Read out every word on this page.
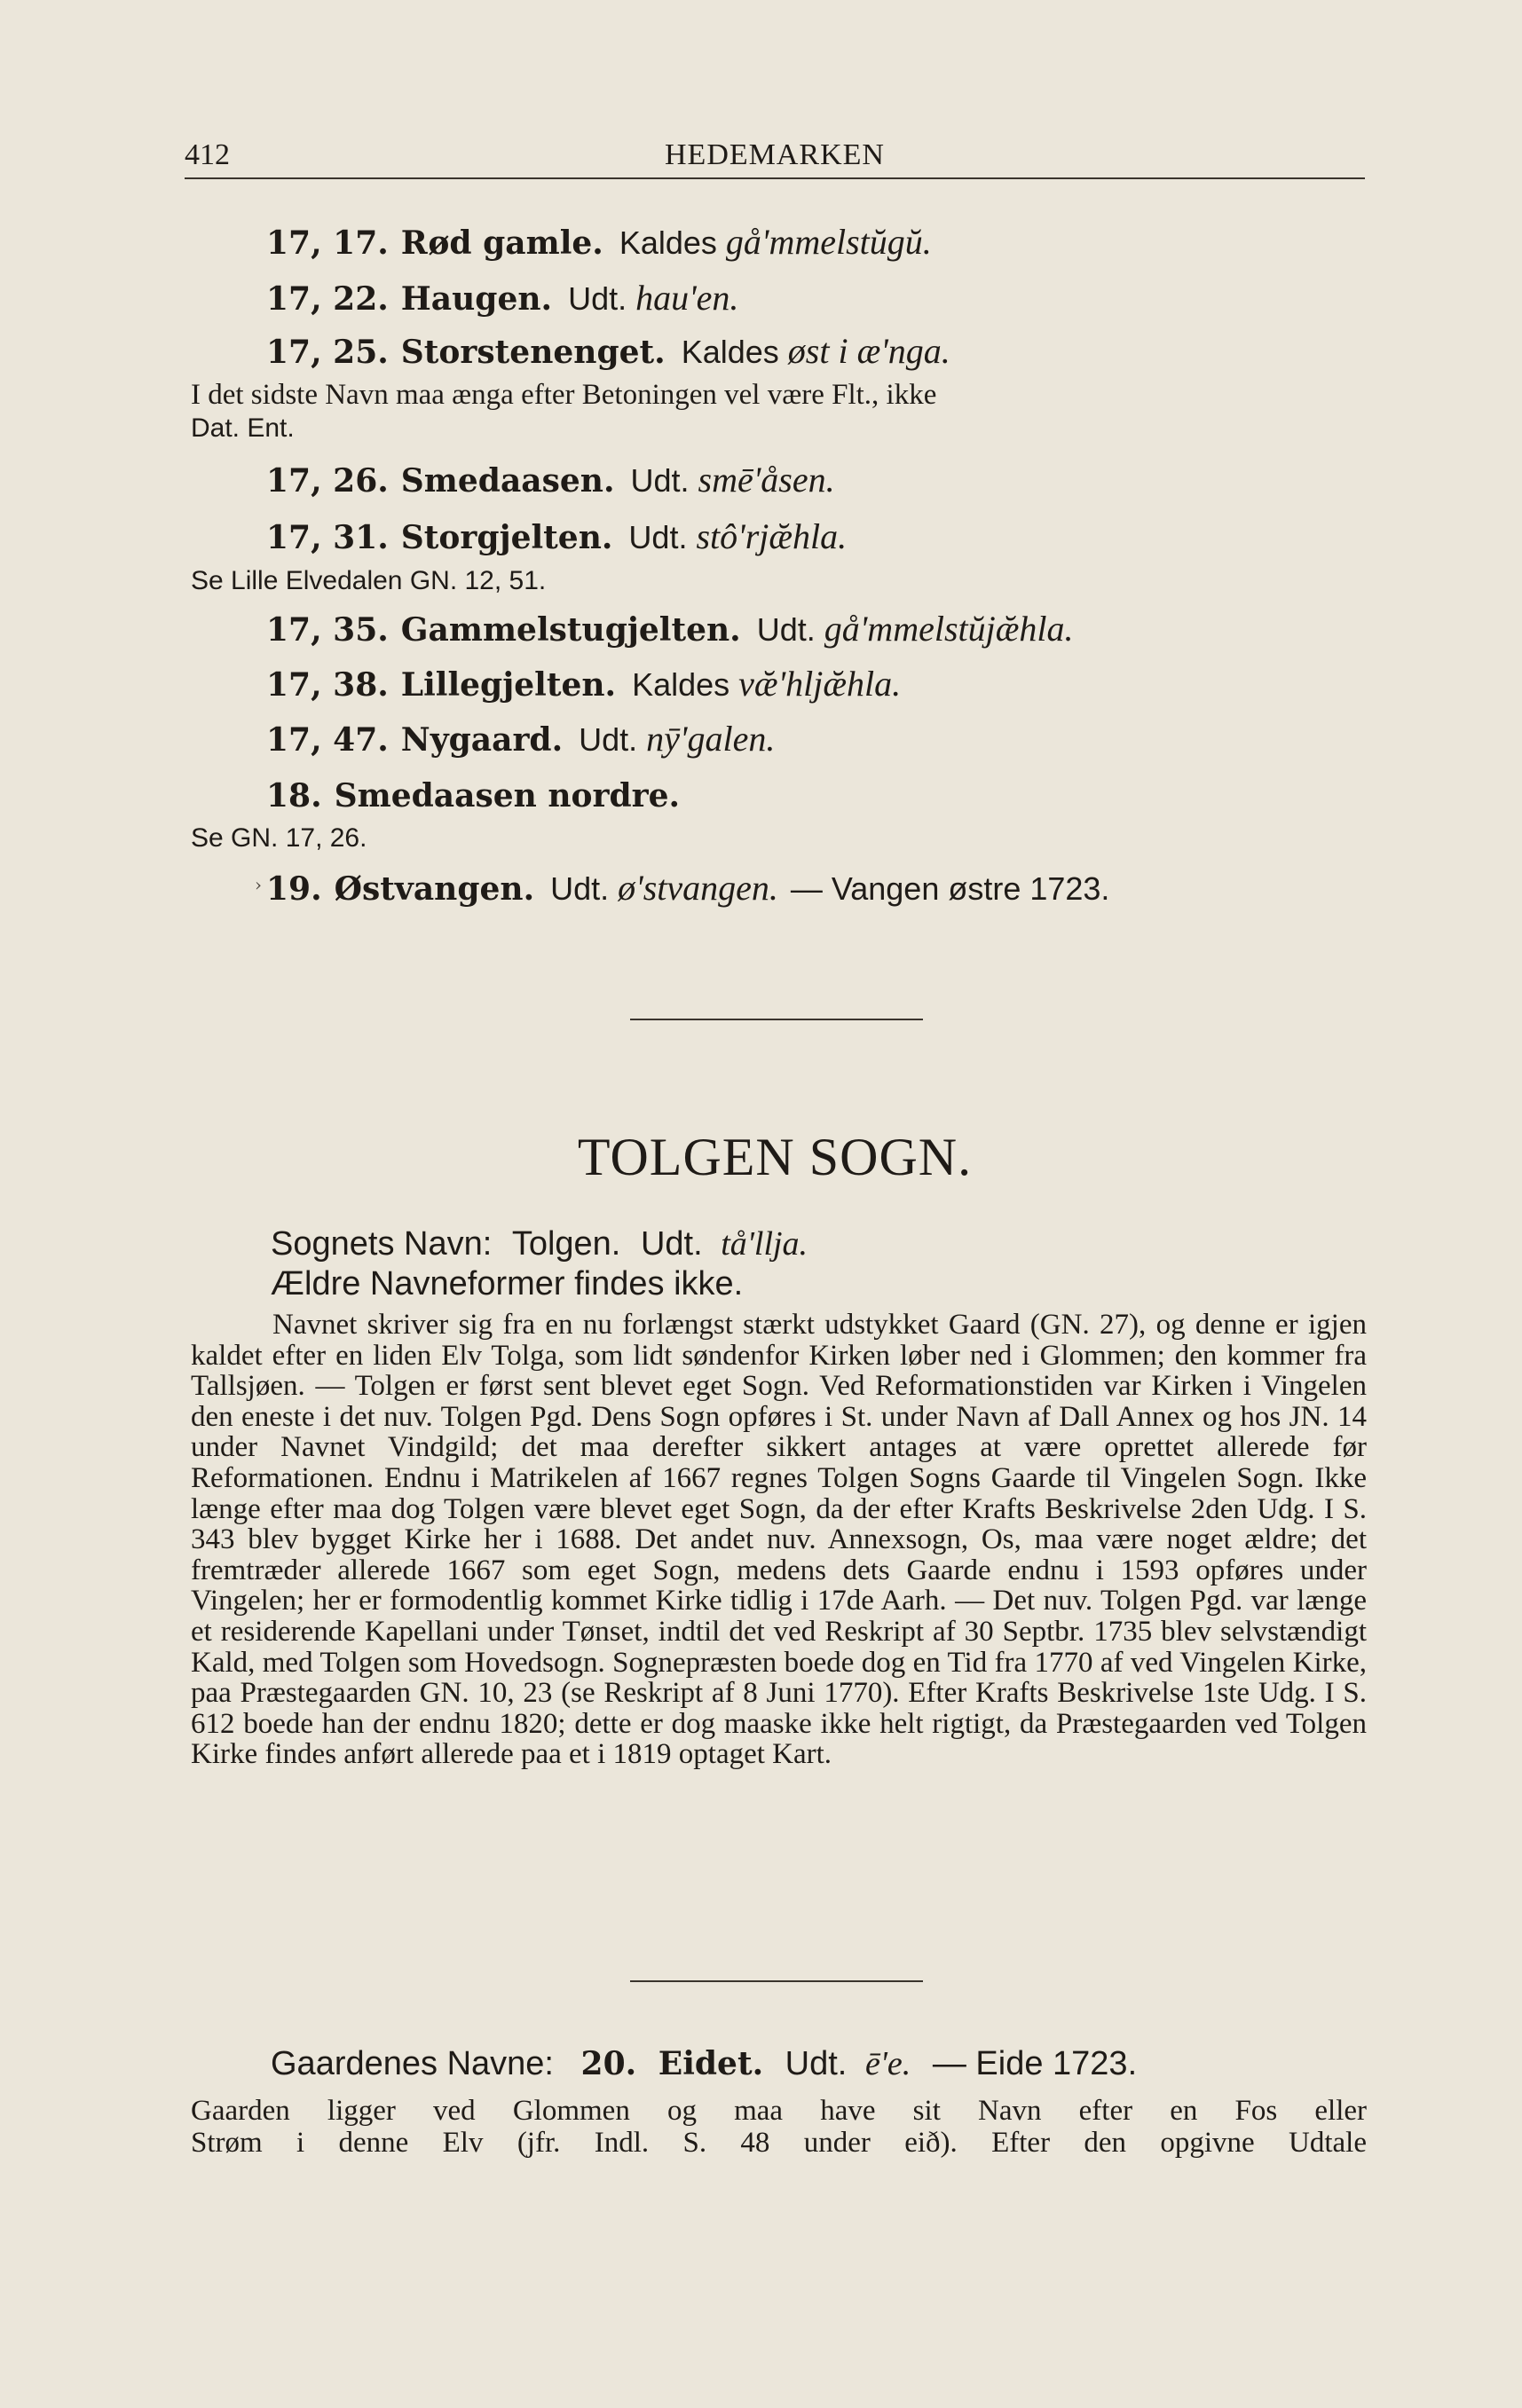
412	HEDEMARKEN
17, 17. Rød gamle. Kaldes gå'mmelstŭgŭ.
17, 22. Haugen. Udt. hau'en.
17, 25. Storstenenget. Kaldes øst i æ'nga.
I det sidste Navn maa ænga efter Betoningen vel være Flt., ikke
Dat. Ent.
17, 26. Smedaasen. Udt. smē'åsen.
17, 31. Storgjelten. Udt. stô'rjæ̆hla.
Se Lille Elvedalen GN. 12, 51.
17, 35. Gammelstugjelten. Udt. gå'mmelstŭjæ̆hla.
17, 38. Lillegjelten. Kaldes væ̆'hljæ̆hla.
17, 47. Nygaard. Udt. nȳ'galen.
18. Smedaasen nordre.
Se GN. 17, 26.
› 19. Østvangen. Udt. ø'stvangen. — Vangen østre 1723.
TOLGEN SOGN.
Sognets Navn: Tolgen. Udt. tå'llja.
Ældre Navneformer findes ikke.
Navnet skriver sig fra en nu forlængst stærkt udstykket Gaard (GN. 27), og denne er igjen kaldet efter en liden Elv Tolga, som lidt søndenfor Kirken løber ned i Glommen; den kommer fra Tallsjøen. — Tolgen er først sent blevet eget Sogn. Ved Reformationstiden var Kirken i Vingelen den eneste i det nuv. Tolgen Pgd. Dens Sogn opføres i St. under Navn af Dall Annex og hos JN. 14 under Navnet Vindgild; det maa derefter sikkert antages at være oprettet allerede før Reformationen. Endnu i Matrikelen af 1667 regnes Tolgen Sogns Gaarde til Vingelen Sogn. Ikke længe efter maa dog Tolgen være blevet eget Sogn, da der efter Krafts Beskrivelse 2den Udg. I S. 343 blev bygget Kirke her i 1688. Det andet nuv. Annexsogn, Os, maa være noget ældre; det fremtræder allerede 1667 som eget Sogn, medens dets Gaarde endnu i 1593 opføres under Vingelen; her er formodentlig kommet Kirke tidlig i 17de Aarh. — Det nuv. Tolgen Pgd. var længe et residerende Kapellani under Tønset, indtil det ved Reskript af 30 Septbr. 1735 blev selvstændigt Kald, med Tolgen som Hovedsogn. Sognepræsten boede dog en Tid fra 1770 af ved Vingelen Kirke, paa Præstegaarden GN. 10, 23 (se Reskript af 8 Juni 1770). Efter Krafts Beskrivelse 1ste Udg. I S. 612 boede han der endnu 1820; dette er dog maaske ikke helt rigtigt, da Præstegaarden ved Tolgen Kirke findes anført allerede paa et i 1819 optaget Kart.
Gaardenes Navne: 20. Eidet. Udt. ē'e. — Eide 1723.
Gaarden ligger ved Glommen og maa have sit Navn efter en Fos eller
Strøm i denne Elv (jfr. Indl. S. 48 under eið). Efter den opgivne Udtale
